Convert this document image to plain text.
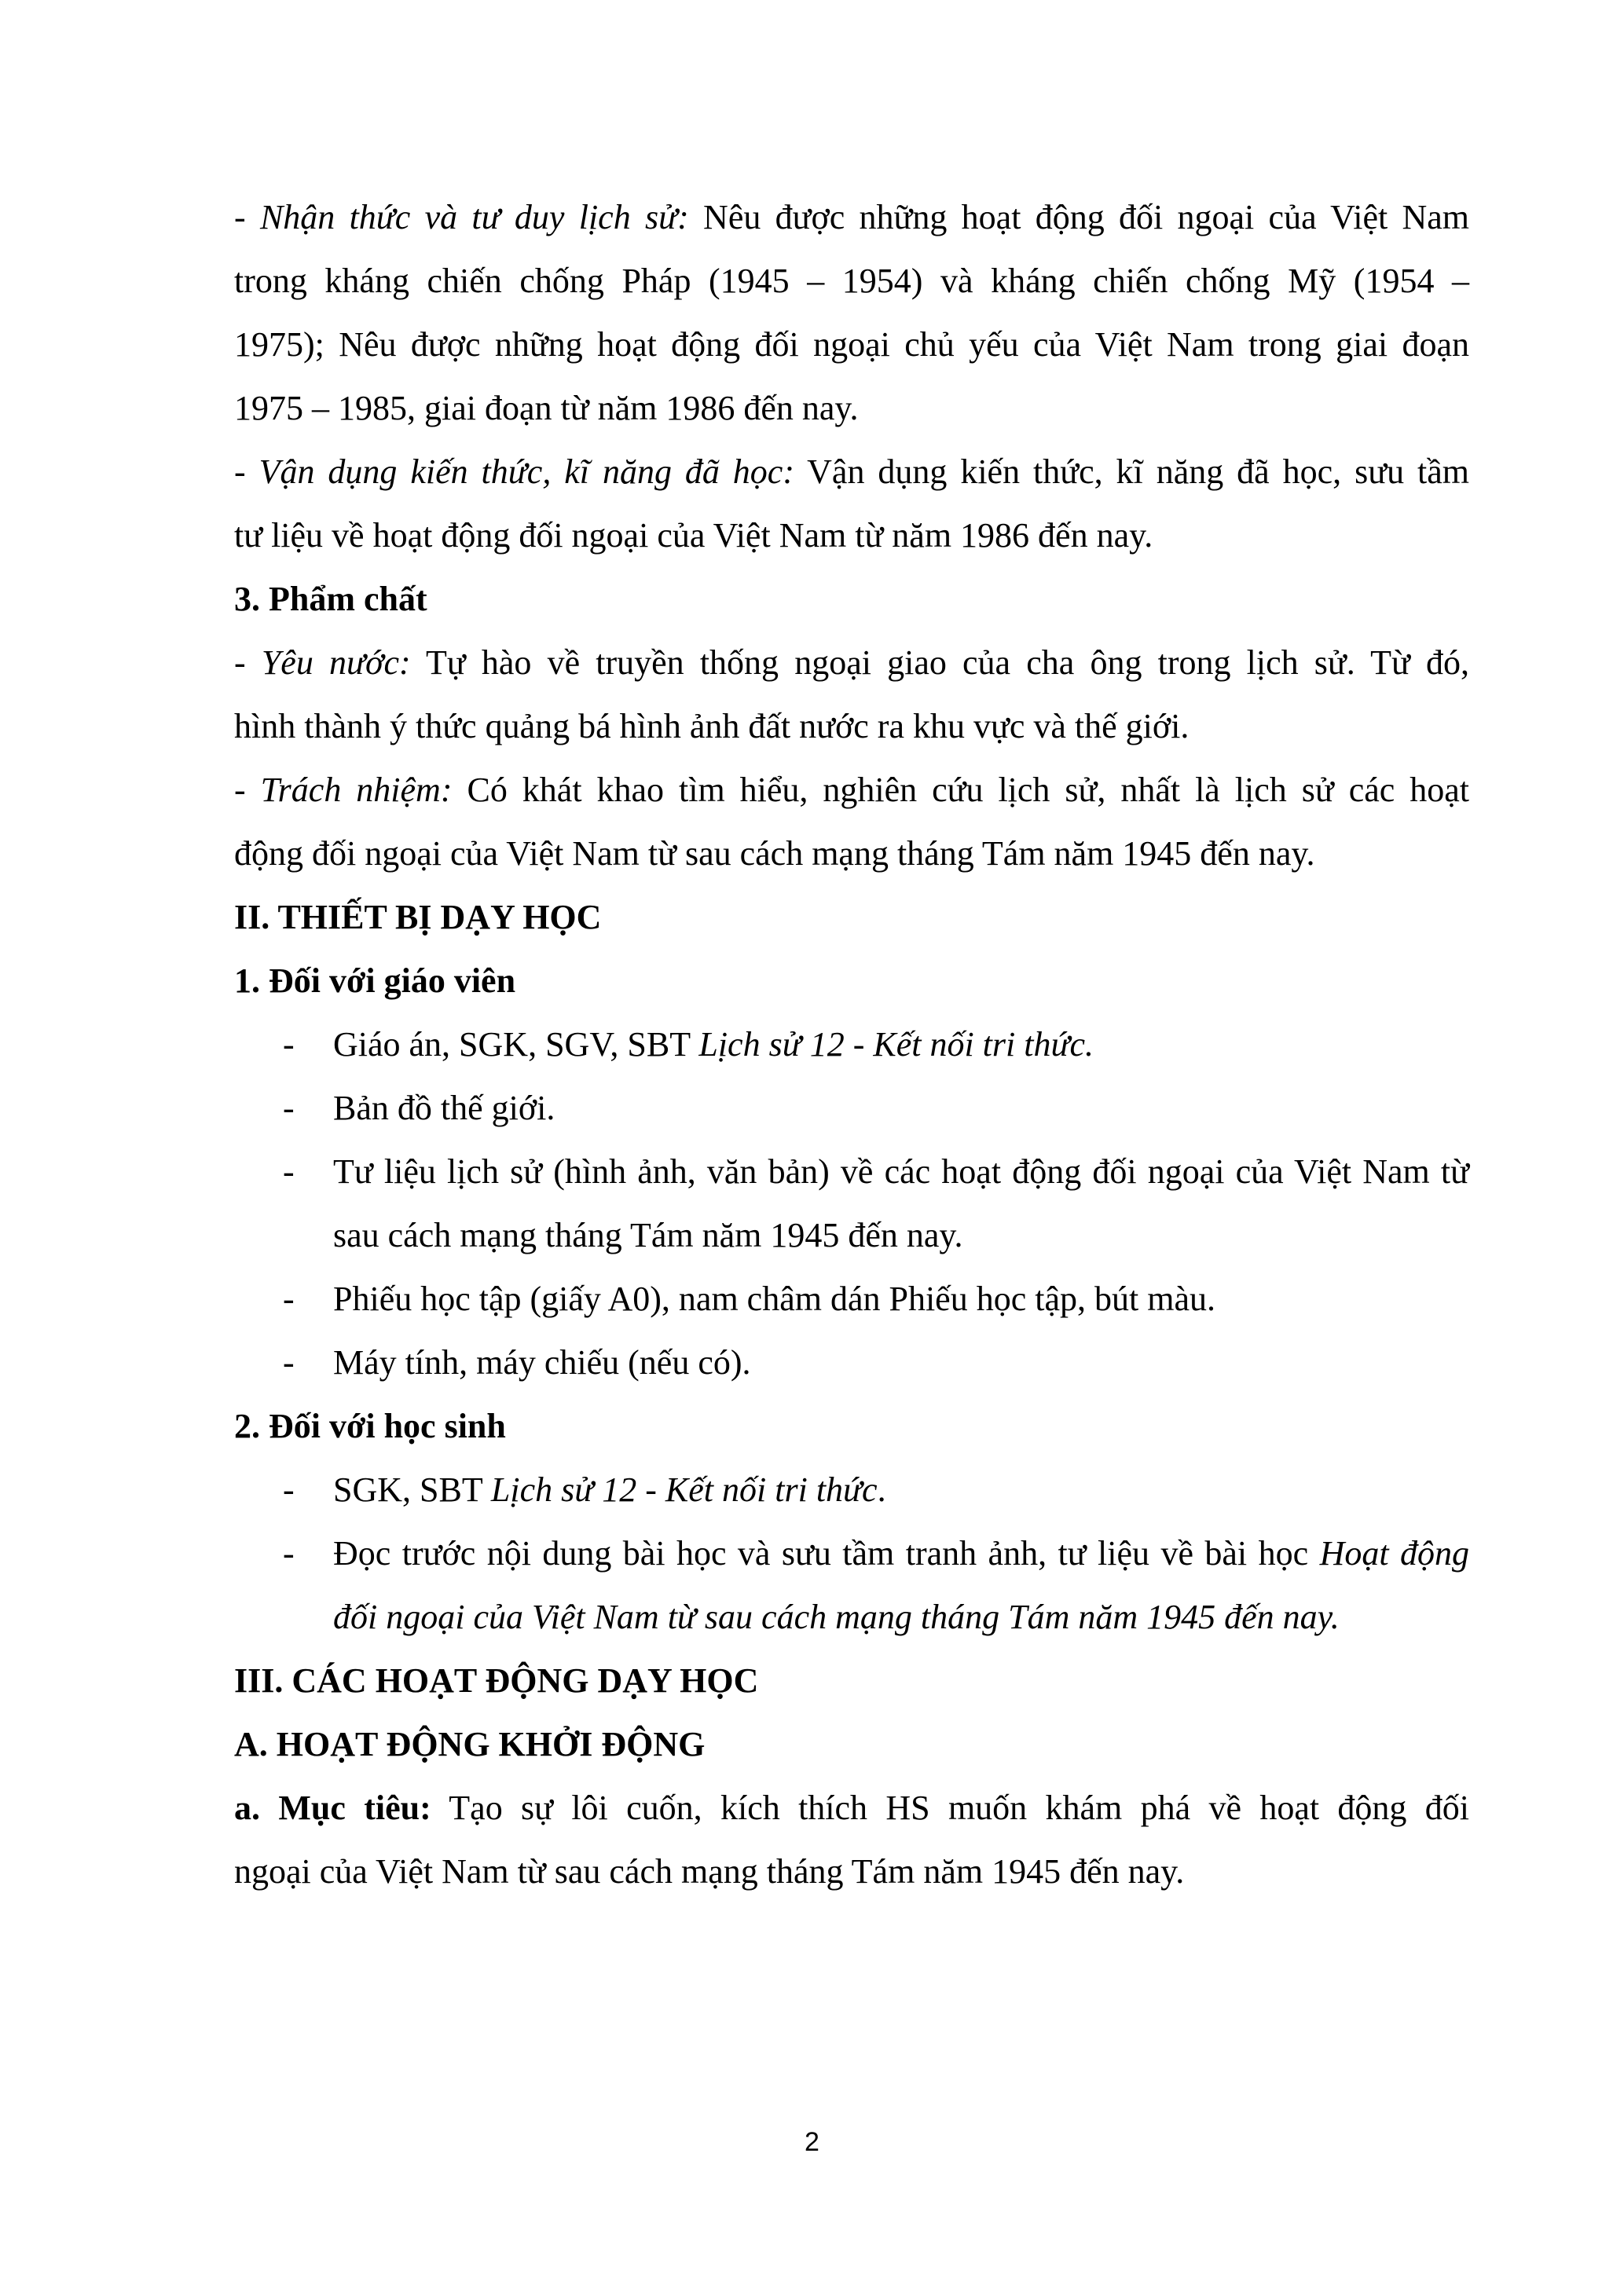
- Nhận thức và tư duy lịch sử: Nêu được những hoạt động đối ngoại của Việt Nam
trong kháng chiến chống Pháp (1945 – 1954) và kháng chiến chống Mỹ (1954 –
1975); Nêu được những hoạt động đối ngoại chủ yếu của Việt Nam trong giai đoạn
1975 – 1985, giai đoạn từ năm 1986 đến nay.
- Vận dụng kiến thức, kĩ năng đã học: Vận dụng kiến thức, kĩ năng đã học, sưu tầm
tư liệu về hoạt động đối ngoại của Việt Nam từ năm 1986 đến nay.
3. Phẩm chất
- Yêu nước: Tự hào về truyền thống ngoại giao của cha ông trong lịch sử. Từ đó,
hình thành ý thức quảng bá hình ảnh đất nước ra khu vực và thế giới.
- Trách nhiệm: Có khát khao tìm hiểu, nghiên cứu lịch sử, nhất là lịch sử các hoạt
động đối ngoại của Việt Nam từ sau cách mạng tháng Tám năm 1945 đến nay.
II. THIẾT BỊ DẠY HỌC
1. Đối với giáo viên
- Giáo án, SGK, SGV, SBT Lịch sử 12 - Kết nối tri thức.
- Bản đồ thế giới.
- Tư liệu lịch sử (hình ảnh, văn bản) về các hoạt động đối ngoại của Việt Nam từ sau cách mạng tháng Tám năm 1945 đến nay.
- Phiếu học tập (giấy A0), nam châm dán Phiếu học tập, bút màu.
- Máy tính, máy chiếu (nếu có).
2. Đối với học sinh
- SGK, SBT Lịch sử 12 - Kết nối tri thức.
- Đọc trước nội dung bài học và sưu tầm tranh ảnh, tư liệu về bài học Hoạt động đối ngoại của Việt Nam từ sau cách mạng tháng Tám năm 1945 đến nay.
III. CÁC HOẠT ĐỘNG DẠY HỌC
A. HOẠT ĐỘNG KHỞI ĐỘNG
a. Mục tiêu: Tạo sự lôi cuốn, kích thích HS muốn khám phá về hoạt động đối
ngoại của Việt Nam từ sau cách mạng tháng Tám năm 1945 đến nay.
2
